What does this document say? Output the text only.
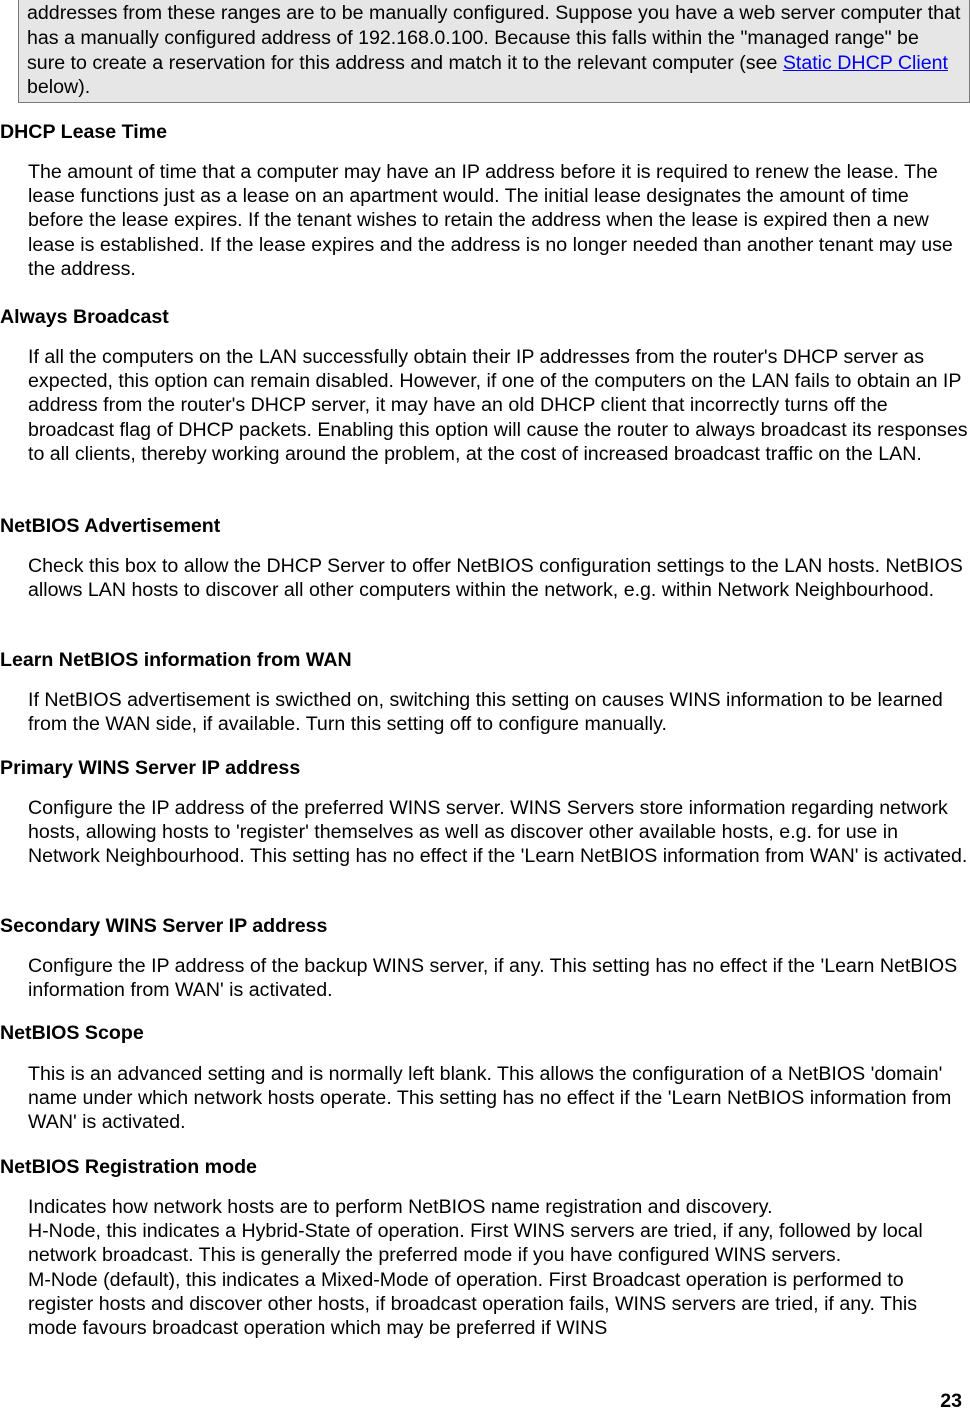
addresses from these ranges are to be manually configured. Suppose you have a web server computer that has a manually configured address of 192.168.0.100. Because this falls within the "managed range" be sure to create a reservation for this address and match it to the relevant computer (see Static DHCP Client below).
DHCP Lease Time

The amount of time that a computer may have an IP address before it is required to renew the lease. The lease functions just as a lease on an apartment would. The initial lease designates the amount of time before the lease expires. If the tenant wishes to retain the address when the lease is expired then a new lease is established. If the lease expires and the address is no longer needed than another tenant may use the address.

Always Broadcast

If all the computers on the LAN successfully obtain their IP addresses from the router's DHCP server as expected, this option can remain disabled. However, if one of the computers on the LAN fails to obtain an IP address from the router's DHCP server, it may have an old DHCP client that incorrectly turns off the broadcast flag of DHCP packets. Enabling this option will cause the router to always broadcast its responses to all clients, thereby working around the problem, at the cost of increased broadcast traffic on the LAN.

NetBIOS Advertisement

Check this box to allow the DHCP Server to offer NetBIOS configuration settings to the LAN hosts. NetBIOS allows LAN hosts to discover all other computers within the network, e.g. within Network Neighbourhood.

Learn NetBIOS information from WAN

If NetBIOS advertisement is swicthed on, switching this setting on causes WINS information to be learned from the WAN side, if available. Turn this setting off to configure manually.

Primary WINS Server IP address

Configure the IP address of the preferred WINS server. WINS Servers store information regarding network hosts, allowing hosts to 'register' themselves as well as discover other available hosts, e.g. for use in Network Neighbourhood. This setting has no effect if the 'Learn NetBIOS information from WAN' is activated.

Secondary WINS Server IP address

Configure the IP address of the backup WINS server, if any. This setting has no effect if the 'Learn NetBIOS information from WAN' is activated.

NetBIOS Scope

This is an advanced setting and is normally left blank. This allows the configuration of a NetBIOS 'domain' name under which network hosts operate. This setting has no effect if the 'Learn NetBIOS information from WAN' is activated.

NetBIOS Registration mode

Indicates how network hosts are to perform NetBIOS name registration and discovery.

H-Node, this indicates a Hybrid-State of operation. First WINS servers are tried, if any, followed by local network broadcast. This is generally the preferred mode if you have configured WINS servers.

M-Node (default), this indicates a Mixed-Mode of operation. First Broadcast operation is performed to register hosts and discover other hosts, if broadcast operation fails, WINS servers are tried, if any. This mode favours broadcast operation which may be preferred if WINS

23
